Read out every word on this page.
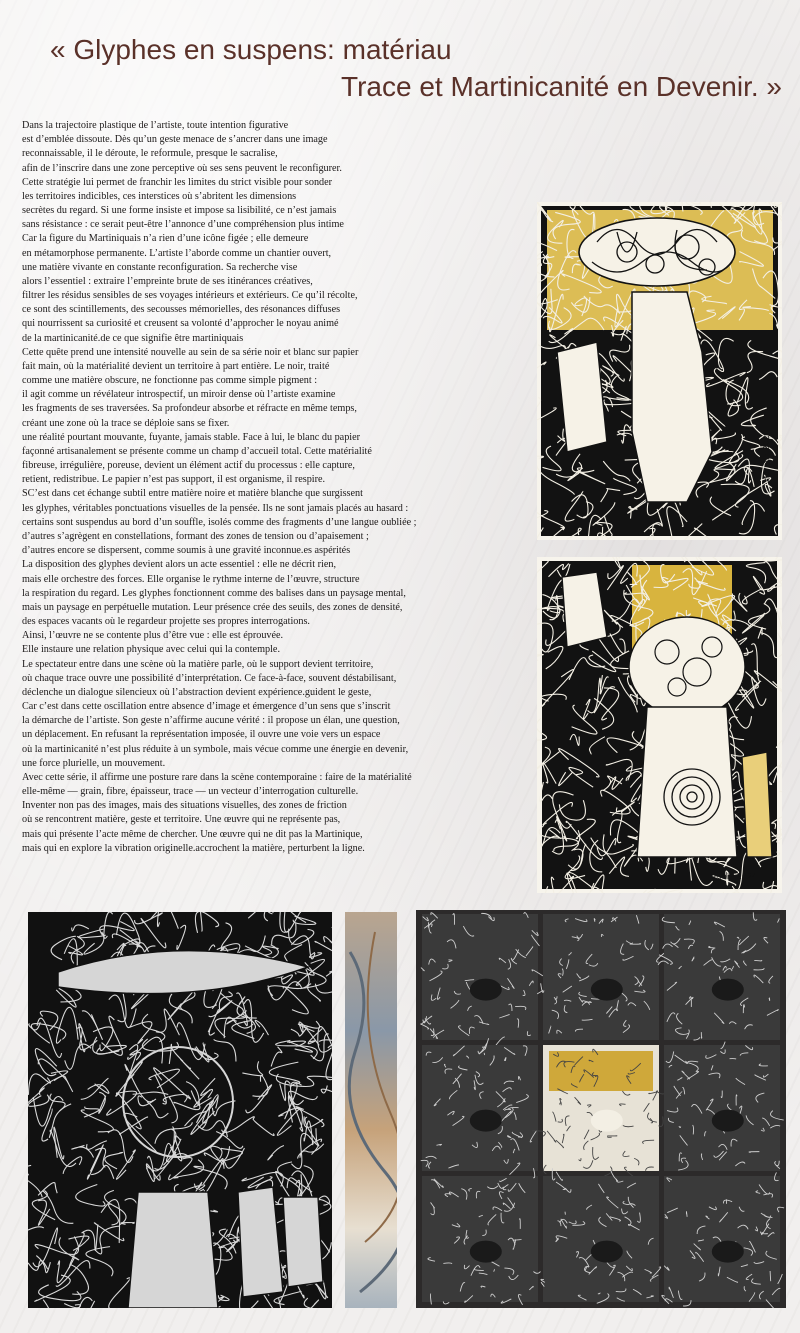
« Glyphes en suspens: matériau
Trace et Martinicanité en Devenir. »
Dans la trajectoire plastique de l’artiste, toute intention figurative
est d’emblée dissoute. Dès qu’un geste menace de s’ancrer dans une image
reconnaissable, il le déroute, le reformule, presque le sacralise,
afin de l’inscrire dans une zone perceptive où ses sens peuvent le reconfigurer.
Cette stratégie lui permet de franchir les limites du strict visible pour sonder
les territoires indicibles, ces interstices où s’abritent les dimensions
secrètes du regard. Si une forme insiste et impose sa lisibilité, ce n’est jamais
sans résistance : ce serait peut-être l’annonce d’une compréhension plus intime
Car la figure du Martiniquais n’a rien d’une icône figée ; elle demeure
en métamorphose permanente. L’artiste l’aborde comme un chantier ouvert,
une matière vivante en constante reconfiguration. Sa recherche vise
alors l’essentiel : extraire l’empreinte brute de ses itinérances créatives,
filtrer les résidus sensibles de ses voyages intérieurs et extérieurs. Ce qu’il récolte,
ce sont des scintillements, des secousses mémorielles, des résonances diffuses
qui nourrissent sa curiosité et creusent sa volonté d’approcher le noyau animé
de la martinicanité.de ce que signifie être martiniquais
Cette quête prend une intensité nouvelle au sein de sa série noir et blanc sur papier
fait main, où la matérialité devient un territoire à part entière. Le noir, traité
comme une matière obscure, ne fonctionne pas comme simple pigment :
il agit comme un révélateur introspectif, un miroir dense où l’artiste examine
les fragments de ses traversées. Sa profondeur absorbe et réfracte en même temps,
créant une zone où la trace se déploie sans se fixer.
une réalité pourtant mouvante, fuyante, jamais stable. Face à lui, le blanc du papier
façonné artisanalement se présente comme un champ d’accueil total. Cette matérialité
fibreuse, irrégulière, poreuse, devient un élément actif du processus : elle capture,
retient, redistribue. Le papier n’est pas support, il est organisme, il respire.
SC’est dans cet échange subtil entre matière noire et matière blanche que surgissent
les glyphes, véritables ponctuations visuelles de la pensée. Ils ne sont jamais placés au hasard :
certains sont suspendus au bord d’un souffle, isolés comme des fragments d’une langue oubliée ;
d’autres s’agrègent en constellations, formant des zones de tension ou d’apaisement ;
d’autres encore se dispersent, comme soumis à une gravité inconnue.es aspérités
La disposition des glyphes devient alors un acte essentiel : elle ne décrit rien,
mais elle orchestre des forces. Elle organise le rythme interne de l’œuvre, structure
la respiration du regard. Les glyphes fonctionnent comme des balises dans un paysage mental,
mais un paysage en perpétuelle mutation. Leur présence crée des seuils, des zones de densité,
des espaces vacants où le regardeur projette ses propres interrogations.
Ainsi, l’œuvre ne se contente plus d’être vue : elle est éprouvée.
Elle instaure une relation physique avec celui qui la contemple.
Le spectateur entre dans une scène où la matière parle, où le support devient territoire,
où chaque trace ouvre une possibilité d’interprétation. Ce face-à-face, souvent déstabilisant,
déclenche un dialogue silencieux où l’abstraction devient expérience.guident le geste,
Car c’est dans cette oscillation entre absence d’image et émergence d’un sens que s’inscrit
la démarche de l’artiste. Son geste n’affirme aucune vérité : il propose un élan, une question,
un déplacement. En refusant la représentation imposée, il ouvre une voie vers un espace
où la martinicanité n’est plus réduite à un symbole, mais vécue comme une énergie en devenir,
une force plurielle, un mouvement.
Avec cette série, il affirme une posture rare dans la scène contemporaine : faire de la matérialité
elle-même — grain, fibre, épaisseur, trace — un vecteur d’interrogation culturelle.
Inventer non pas des images, mais des situations visuelles, des zones de friction
où se rencontrent matière, geste et territoire. Une œuvre qui ne représente pas,
mais qui présente l’acte même de chercher. Une œuvre qui ne dit pas la Martinique,
mais qui en explore la vibration originelle.accrochent la matière, perturbent la ligne.
Hermin 2024
Hermin 2024
